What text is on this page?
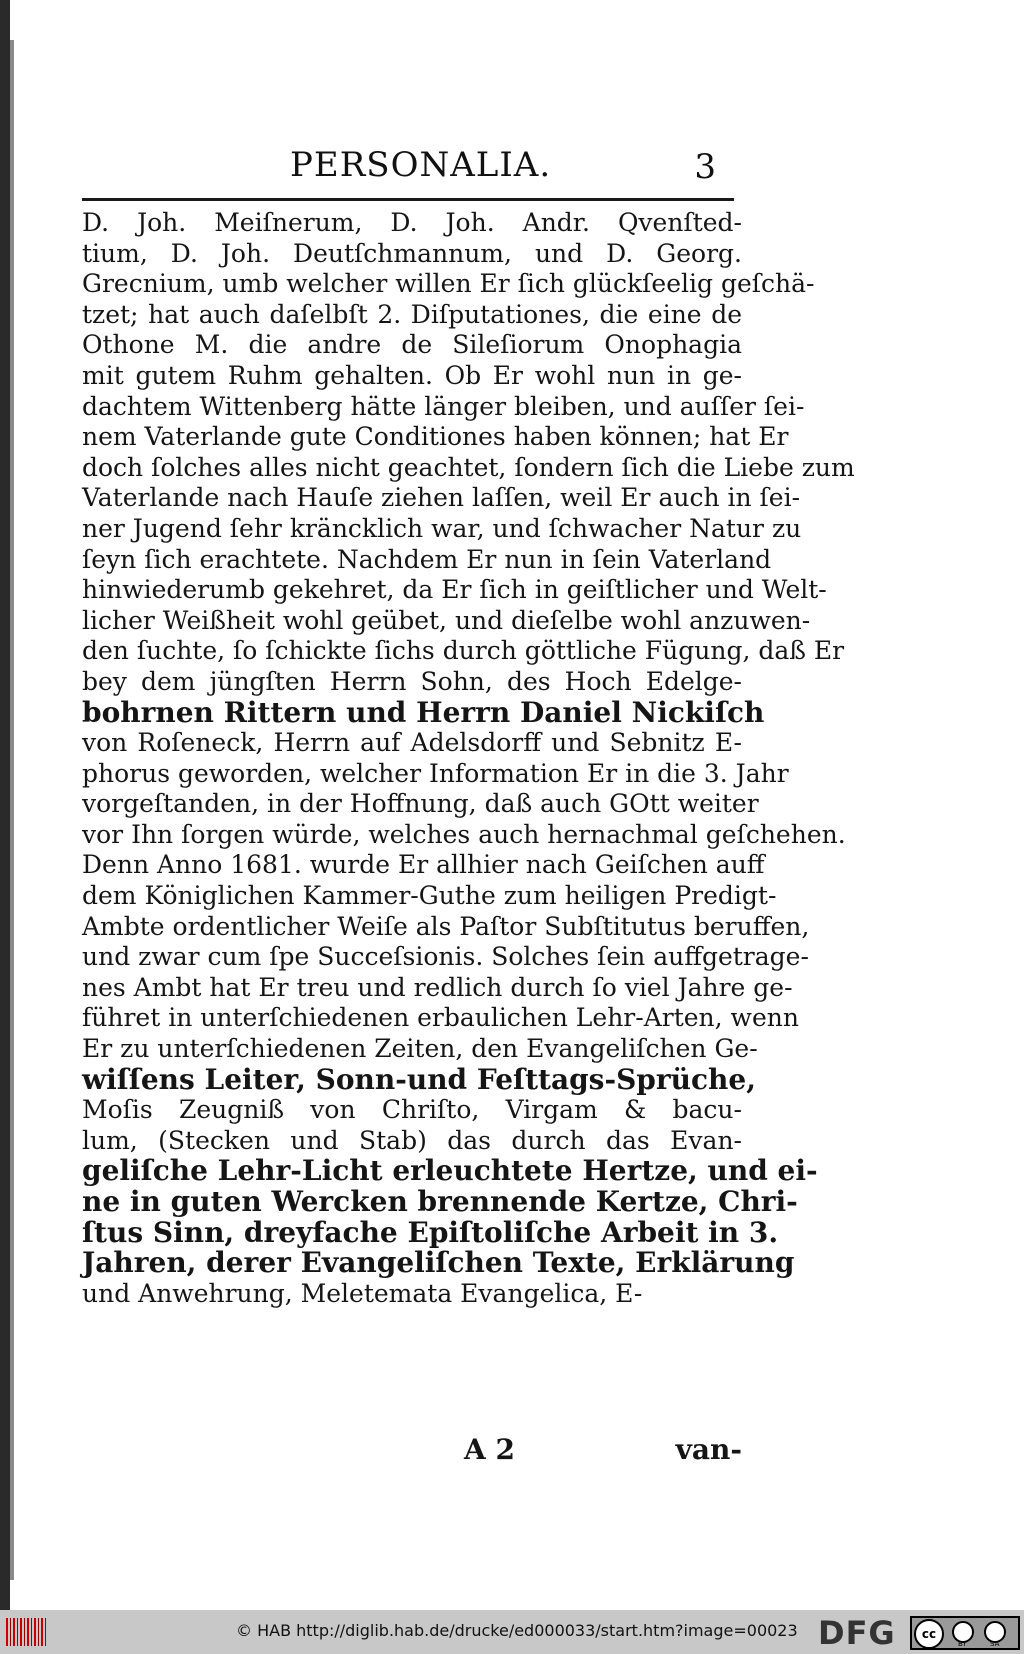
PERSONALIA.	3
D. Joh. Meiſnerum, D. Joh. Andr. Qvenſted-
tium, D. Joh. Deutſchmannum, und D. Georg.
Grecnium, umb welcher willen Er ſich glückſeelig geſchä-
tzet; hat auch daſelbſt 2. Diſputationes, die eine de
Othone M. die andre de Sileſiorum Onophagia
mit gutem Ruhm gehalten. Ob Er wohl nun in ge-
dachtem Wittenberg hätte länger bleiben, und auſſer ſei-
nem Vaterlande gute Conditiones haben können; hat Er
doch ſolches alles nicht geachtet, ſondern ſich die Liebe zum
Vaterlande nach Hauſe ziehen laſſen, weil Er auch in ſei-
ner Jugend ſehr kräncklich war, und ſchwacher Natur zu
ſeyn ſich erachtete. Nachdem Er nun in ſein Vaterland
hinwiederumb gekehret, da Er ſich in geiſtlicher und Welt-
licher Weißheit wohl geübet, und dieſelbe wohl anzuwen-
den ſuchte, ſo ſchickte ſichs durch göttliche Fügung, daß Er
bey dem jüngſten Herrn Sohn, des Hoch Edelge-
bohrnen Rittern und Herrn Daniel Nickiſch
von Roſeneck, Herrn auf Adelsdorff und Sebnitz E-
phorus geworden, welcher Information Er in die 3. Jahr
vorgeſtanden, in der Hoffnung, daß auch GOtt weiter
vor Ihn ſorgen würde, welches auch hernachmal geſchehen.
Denn Anno 1681. wurde Er allhier nach Geiſchen auff
dem Königlichen Kammer-Guthe zum heiligen Predigt-
Ambte ordentlicher Weiſe als Paſtor Subſtitutus beruffen,
und zwar cum ſpe Succeſsionis. Solches ſein auffgetrage-
nes Ambt hat Er treu und redlich durch ſo viel Jahre ge-
führet in unterſchiedenen erbaulichen Lehr-Arten, wenn
Er zu unterſchiedenen Zeiten, den Evangeliſchen Ge-
wiſſens Leiter, Sonn-und Feſttags-Sprüche,
Moſis Zeugniß von Chriſto, Virgam & bacu-
lum, (Stecken und Stab) das durch das Evan-
geliſche Lehr-Licht erleuchtete Hertze, und ei-
ne in guten Wercken brennende Kertze, Chri-
ſtus Sinn, dreyfache Epiſtoliſche Arbeit in 3.
Jahren, derer Evangeliſchen Texte, Erklärung
und Anwehrung, Meletemata Evangelica, E-
A 2	van-
© HAB http://diglib.hab.de/drucke/ed000033/start.htm?image=00023 DFG	cc
BY	SA
